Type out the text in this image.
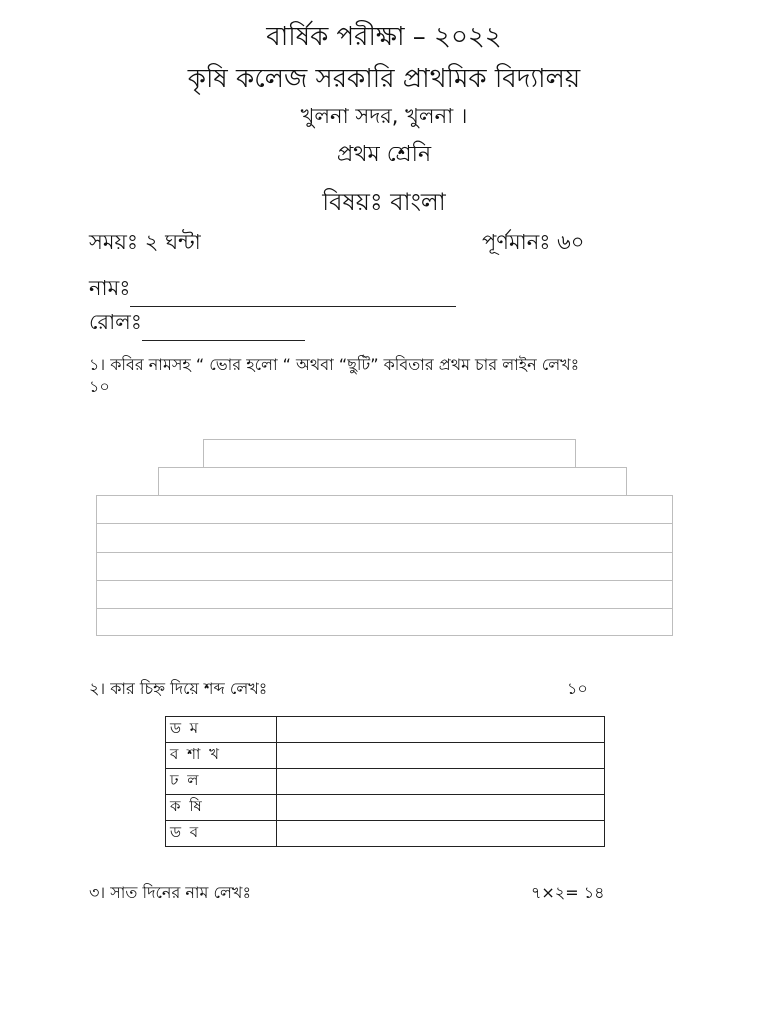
বার্ষিক পরীক্ষা – ২০২২
কৃষি কলেজ সরকারি প্রাথমিক বিদ্যালয়
খুলনা সদর, খুলনা ।
প্রথম শ্রেনি
বিষয়ঃ বাংলা
সময়ঃ ২ ঘন্টা	পূর্ণমানঃ ৬০
নামঃ
রোলঃ
১। কবির নামসহ “ ভোর হলো “ অথবা “ছুটি” কবিতার প্রথম চার লাইন লেখঃ
১০
২। কার চিহ্ন দিয়ে শব্দ লেখঃ	১০
ড ম	
ব শা খ	
ঢ ল	
ক ষি	
ড ব	
৩। সাত দিনের নাম লেখঃ	৭×২= ১৪
